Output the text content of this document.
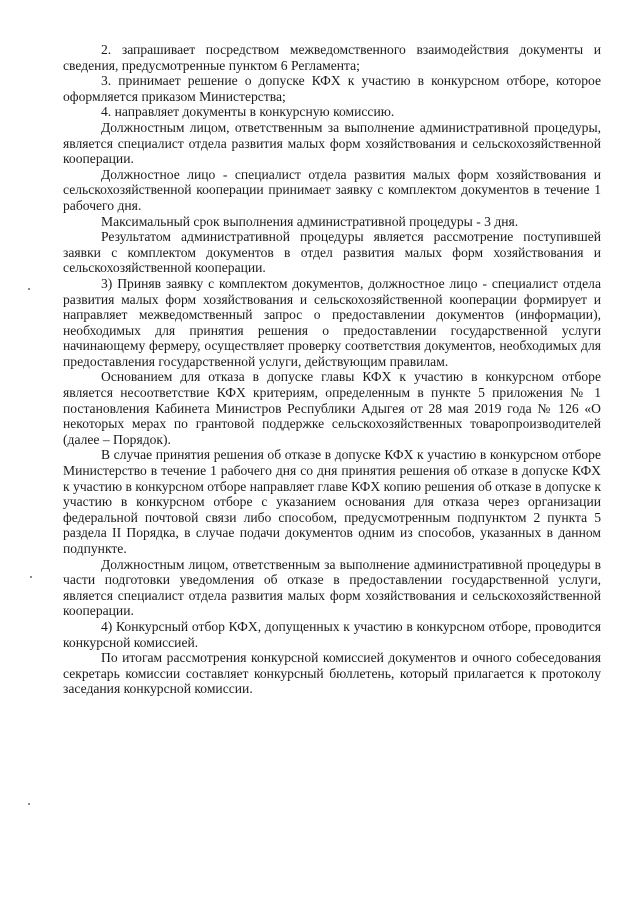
2. запрашивает посредством межведомственного взаимодействия документы и сведения, предусмотренные пунктом 6 Регламента;

3. принимает решение о допуске КФХ к участию в конкурсном отборе, которое оформляется приказом Министерства;

4. направляет документы в конкурсную комиссию.

Должностным лицом, ответственным за выполнение административной процедуры, является специалист отдела развития малых форм хозяйствования и сельскохозяйственной кооперации.

Должностное лицо - специалист отдела развития малых форм хозяйствования и сельскохозяйственной кооперации принимает заявку с комплектом документов в течение 1 рабочего дня.

Максимальный срок выполнения административной процедуры - 3 дня.

Результатом административной процедуры является рассмотрение поступившей заявки с комплектом документов в отдел развития малых форм хозяйствования и сельскохозяйственной кооперации.

3) Приняв заявку с комплектом документов, должностное лицо - специалист отдела развития малых форм хозяйствования и сельскохозяйственной кооперации формирует и направляет межведомственный запрос о предоставлении документов (информации), необходимых для принятия решения о предоставлении государственной услуги начинающему фермеру, осуществляет проверку соответствия документов, необходимых для предоставления государственной услуги, действующим правилам.

Основанием для отказа в допуске главы КФХ к участию в конкурсном отборе является несоответствие КФХ критериям, определенным в пункте 5 приложения № 1 постановления Кабинета Министров Республики Адыгея от 28 мая 2019 года № 126 «О некоторых мерах по грантовой поддержке сельскохозяйственных товаропроизводителей (далее – Порядок).

В случае принятия решения об отказе в допуске КФХ к участию в конкурсном отборе Министерство в течение 1 рабочего дня со дня принятия решения об отказе в допуске КФХ к участию в конкурсном отборе направляет главе КФХ копию решения об отказе в допуске к участию в конкурсном отборе с указанием основания для отказа через организации федеральной почтовой связи либо способом, предусмотренным подпунктом 2 пункта 5 раздела II Порядка, в случае подачи документов одним из способов, указанных в данном подпункте.

Должностным лицом, ответственным за выполнение административной процедуры в части подготовки уведомления об отказе в предоставлении государственной услуги, является специалист отдела развития малых форм хозяйствования и сельскохозяйственной кооперации.

4) Конкурсный отбор КФХ, допущенных к участию в конкурсном отборе, проводится конкурсной комиссией.

По итогам рассмотрения конкурсной комиссией документов и очного собеседования секретарь комиссии составляет конкурсный бюллетень, который прилагается к протоколу заседания конкурсной комиссии.
